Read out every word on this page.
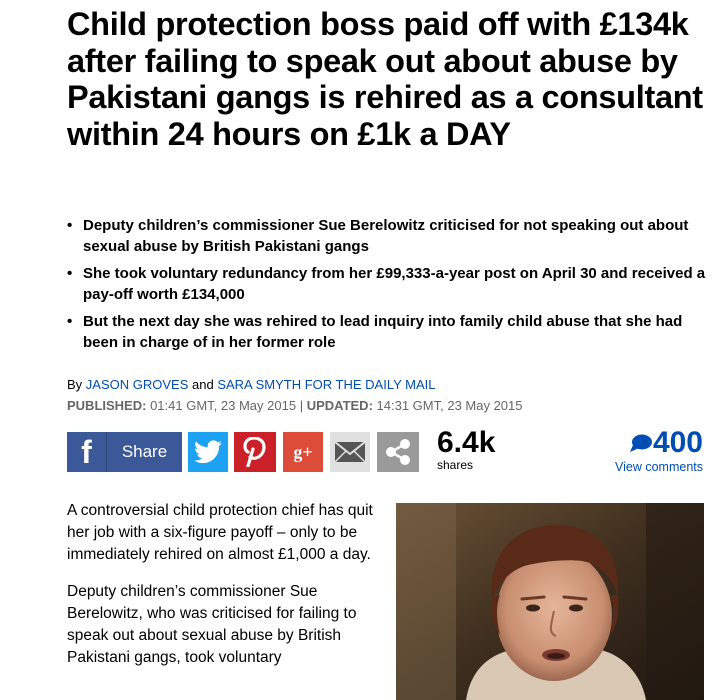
Child protection boss paid off with £134k after failing to speak out about abuse by Pakistani gangs is rehired as a consultant within 24 hours on £1k a DAY
• Deputy children’s commissioner Sue Berelowitz criticised for not speaking out about sexual abuse by British Pakistani gangs
• She took voluntary redundancy from her £99,333-a-year post on April 30 and received a pay-off worth £134,000
• But the next day she was rehired to lead inquiry into family child abuse that she had been in charge of in her former role
By JASON GROVES and SARA SMYTH FOR THE DAILY MAIL
PUBLISHED: 01:41 GMT, 23 May 2015 | UPDATED: 14:31 GMT, 23 May 2015
f	Share	g+	6.4k
shares
400
View comments

A controversial child protection chief has quit her job with a six-figure payoff – only to be immediately rehired on almost £1,000 a day.

Deputy children’s commissioner Sue Berelowitz, who was criticised for failing to speak out about sexual abuse by British Pakistani gangs, took voluntary
